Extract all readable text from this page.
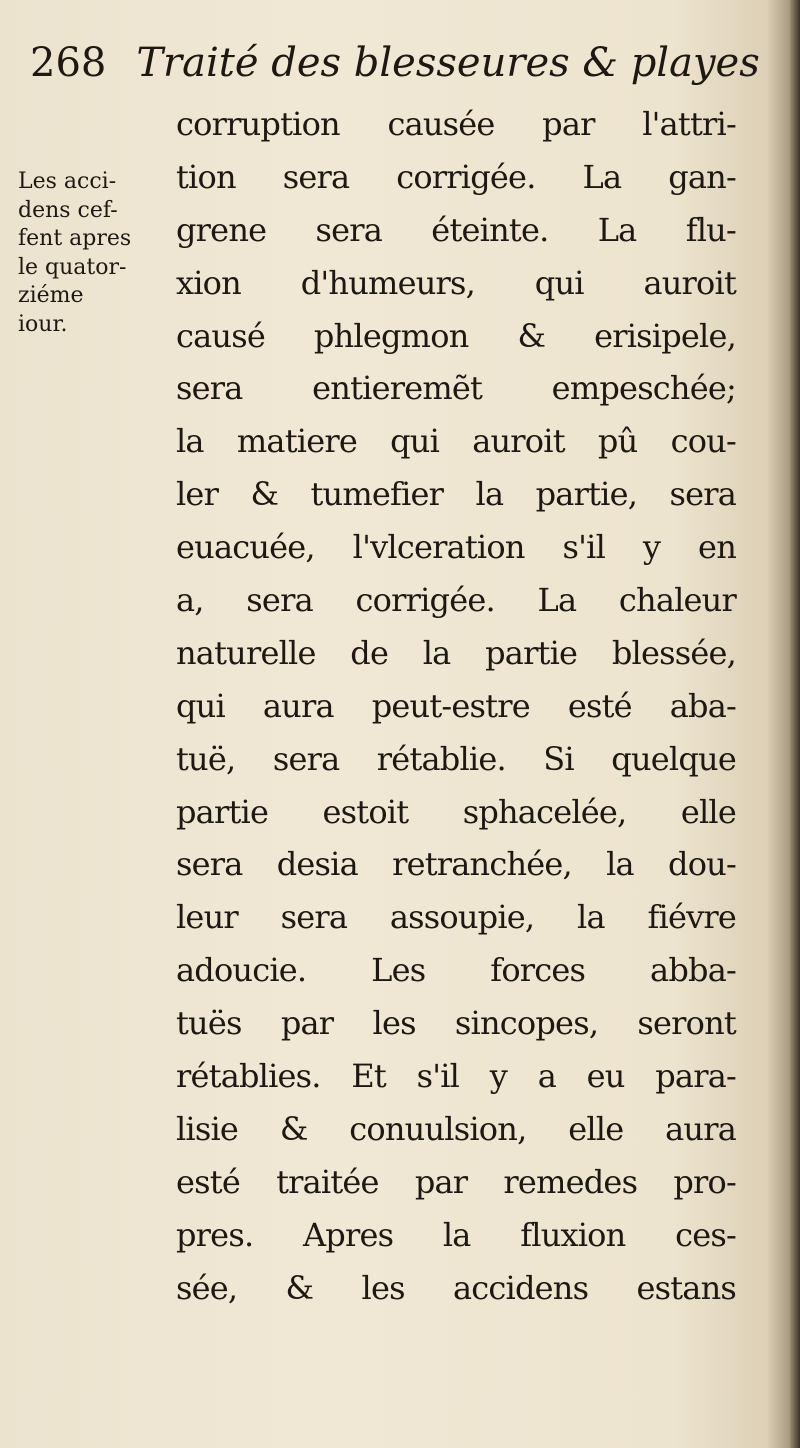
268 Traité des blesseures & playes
Les acci-
dens cef-
fent apres
le quator-
ziéme
iour.
corruption causée par l'attri-
tion sera corrigée. La gan-
grene sera éteinte. La flu-
xion d'humeurs, qui auroit
causé phlegmon & erisipele,
sera entieremẽt empeschée;
la matiere qui auroit pû cou-
ler & tumefier la partie, sera
euacuée, l'vlceration s'il y en
a, sera corrigée. La chaleur
naturelle de la partie blessée,
qui aura peut-estre esté aba-
tuë, sera rétablie. Si quelque
partie estoit sphacelée, elle
sera desia retranchée, la dou-
leur sera assoupie, la fiévre
adoucie. Les forces abba-
tuës par les sincopes, seront
rétablies. Et s'il y a eu para-
lisie & conuulsion, elle aura
esté traitée par remedes pro-
pres. Apres la fluxion ces-
sée, & les accidens estans
